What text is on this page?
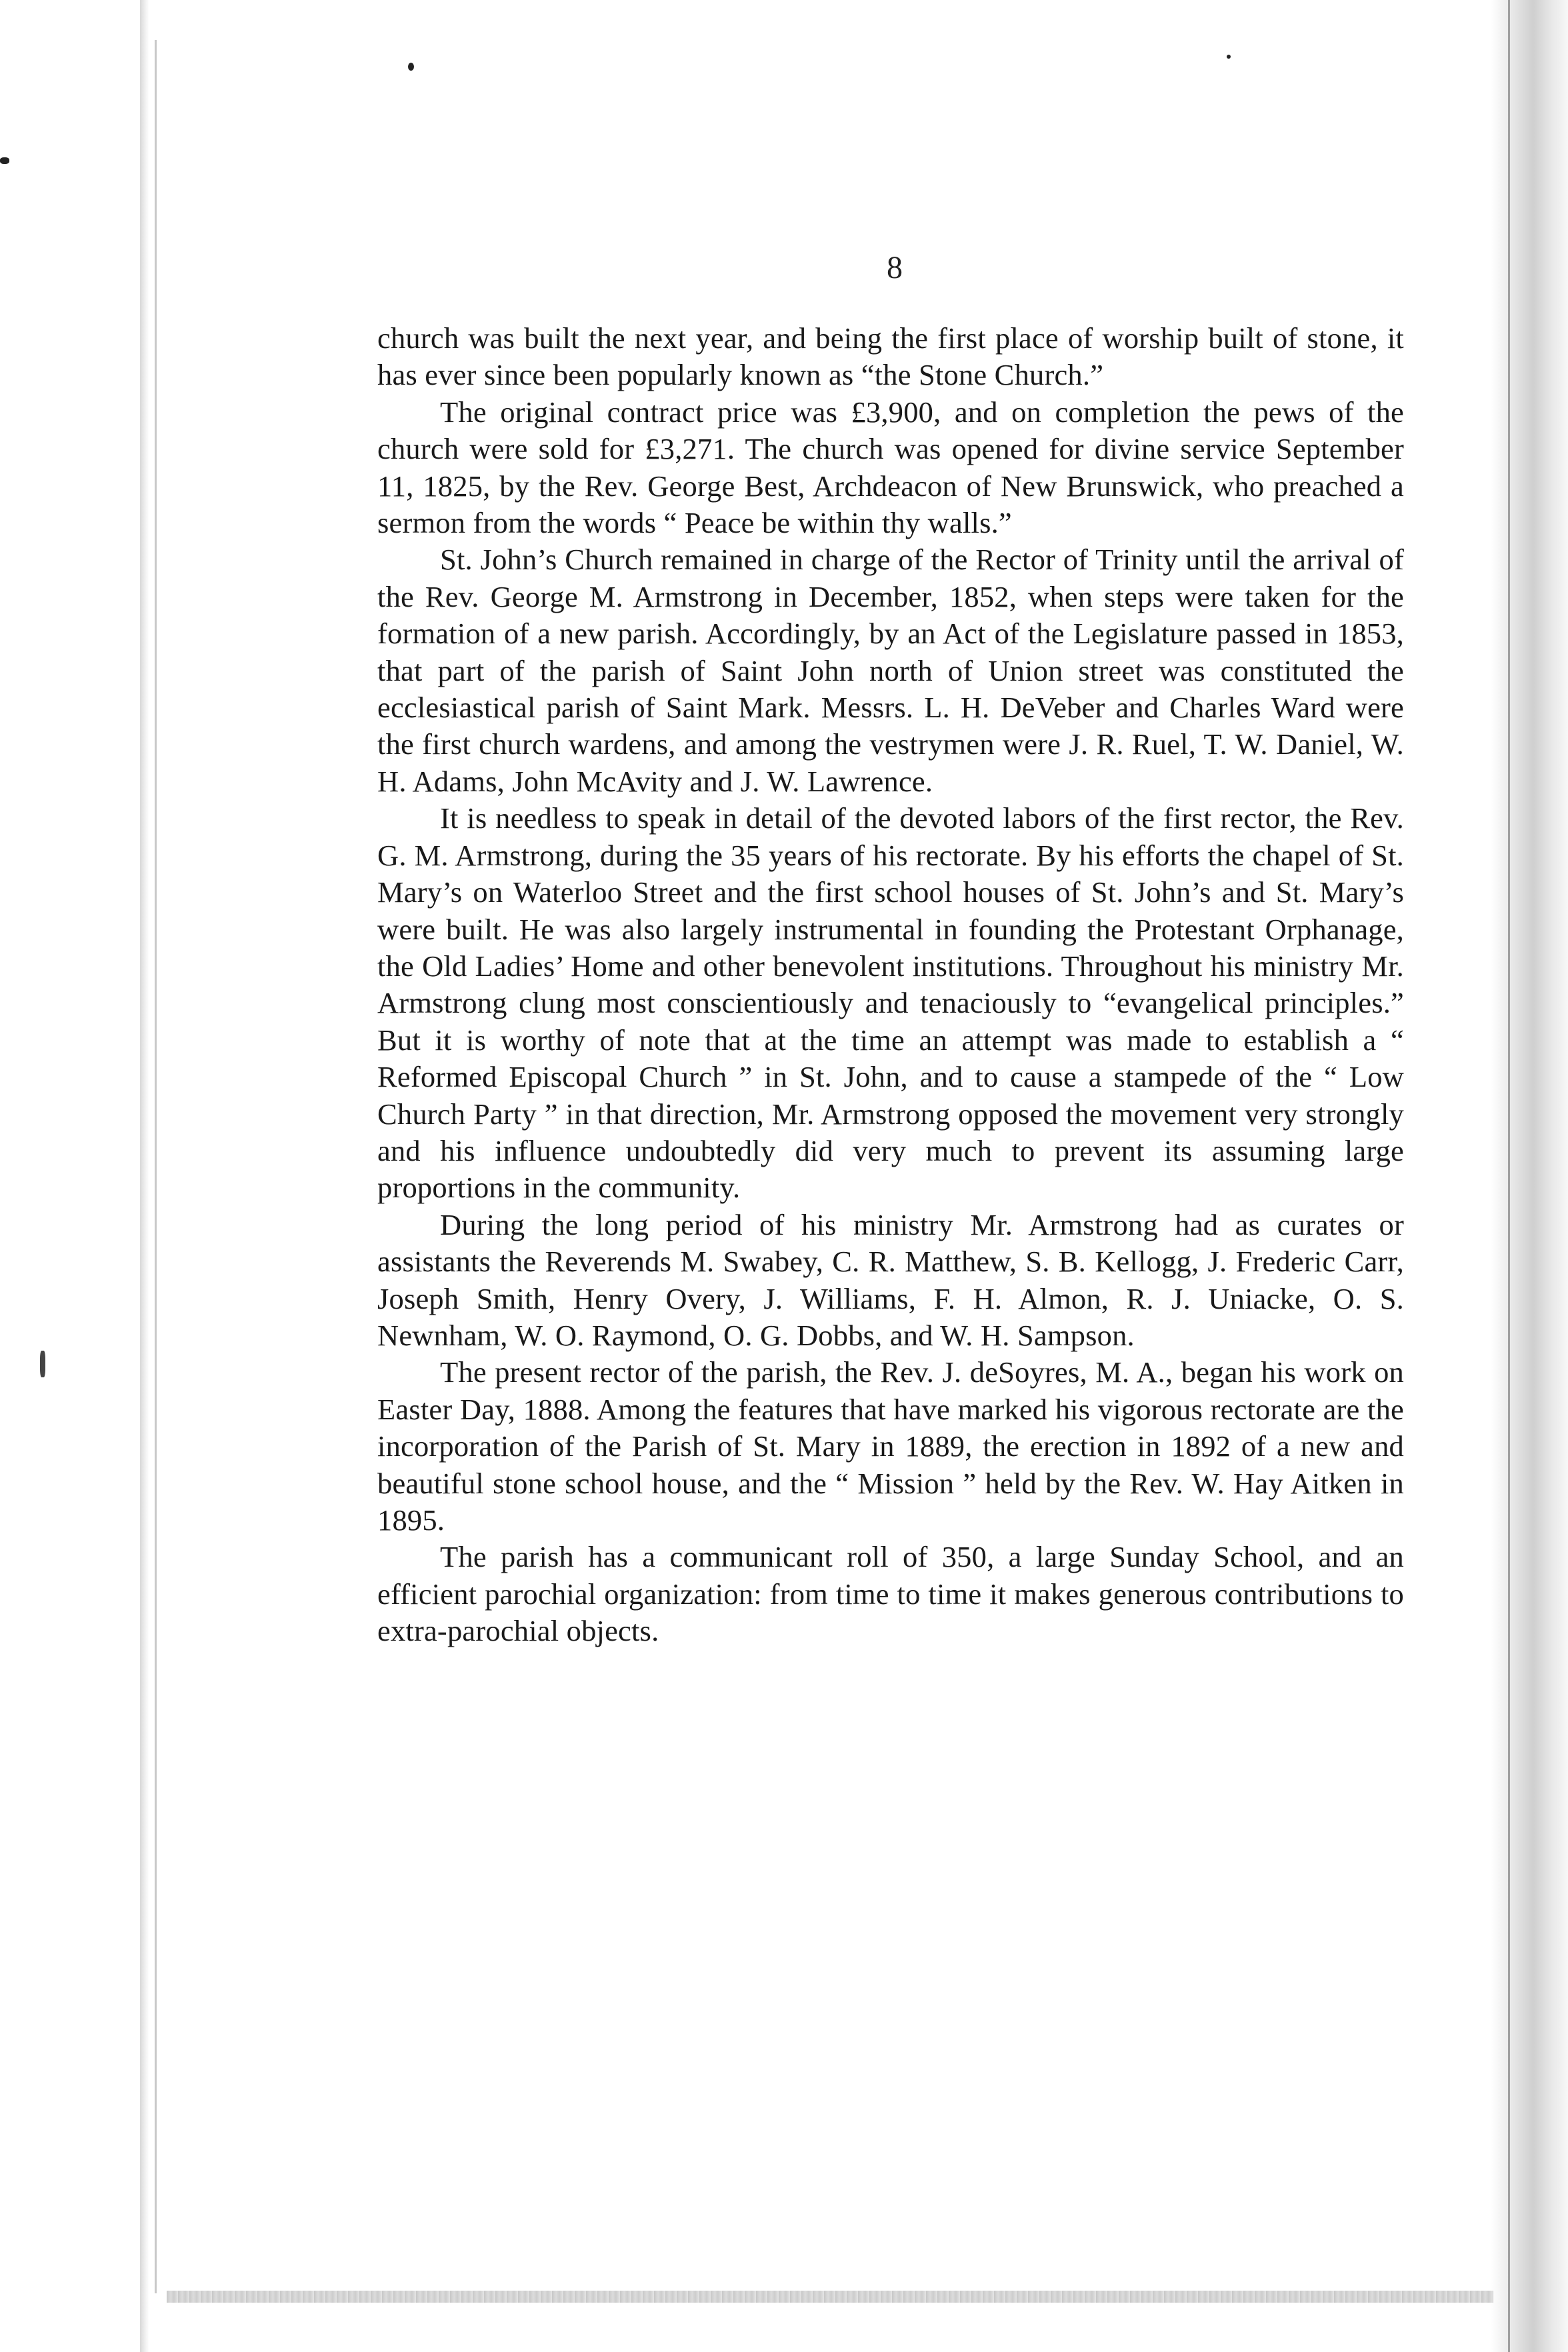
8

church was built the next year, and being the first place of worship built of stone, it has ever since been popularly known as “the Stone Church.”

The original contract price was £3,900, and on completion the pews of the church were sold for £3,271. The church was opened for divine service September 11, 1825, by the Rev. George Best, Archdeacon of New Brunswick, who preached a sermon from the words “ Peace be within thy walls.”

St. John’s Church remained in charge of the Rector of Trinity until the arrival of the Rev. George M. Armstrong in December, 1852, when steps were taken for the formation of a new parish. Accordingly, by an Act of the Legislature passed in 1853, that part of the parish of Saint John north of Union street was constituted the ecclesiastical parish of Saint Mark. Messrs. L. H. DeVeber and Charles Ward were the first church wardens, and among the vestrymen were J. R. Ruel, T. W. Daniel, W. H. Adams, John McAvity and J. W. Lawrence.

It is needless to speak in detail of the devoted labors of the first rector, the Rev. G. M. Armstrong, during the 35 years of his rectorate. By his efforts the chapel of St. Mary’s on Waterloo Street and the first school houses of St. John’s and St. Mary’s were built. He was also largely instrumental in founding the Protestant Orphanage, the Old Ladies’ Home and other benevolent institutions. Throughout his ministry Mr. Armstrong clung most conscientiously and tenaciously to “evangelical principles.” But it is worthy of note that at the time an attempt was made to establish a “ Reformed Episcopal Church ” in St. John, and to cause a stampede of the “ Low Church Party ” in that direction, Mr. Armstrong opposed the movement very strongly and his influence undoubtedly did very much to prevent its assuming large proportions in the community.

During the long period of his ministry Mr. Armstrong had as curates or assistants the Reverends M. Swabey, C. R. Matthew, S. B. Kellogg, J. Frederic Carr, Joseph Smith, Henry Overy, J. Williams, F. H. Almon, R. J. Uniacke, O. S. Newnham, W. O. Raymond, O. G. Dobbs, and W. H. Sampson.

The present rector of the parish, the Rev. J. deSoyres, M. A., began his work on Easter Day, 1888. Among the features that have marked his vigorous rectorate are the incorporation of the Parish of St. Mary in 1889, the erection in 1892 of a new and beautiful stone school house, and the “ Mission ” held by the Rev. W. Hay Aitken in 1895.

The parish has a communicant roll of 350, a large Sunday School, and an efficient parochial organization: from time to time it makes generous contributions to extra-parochial objects.
